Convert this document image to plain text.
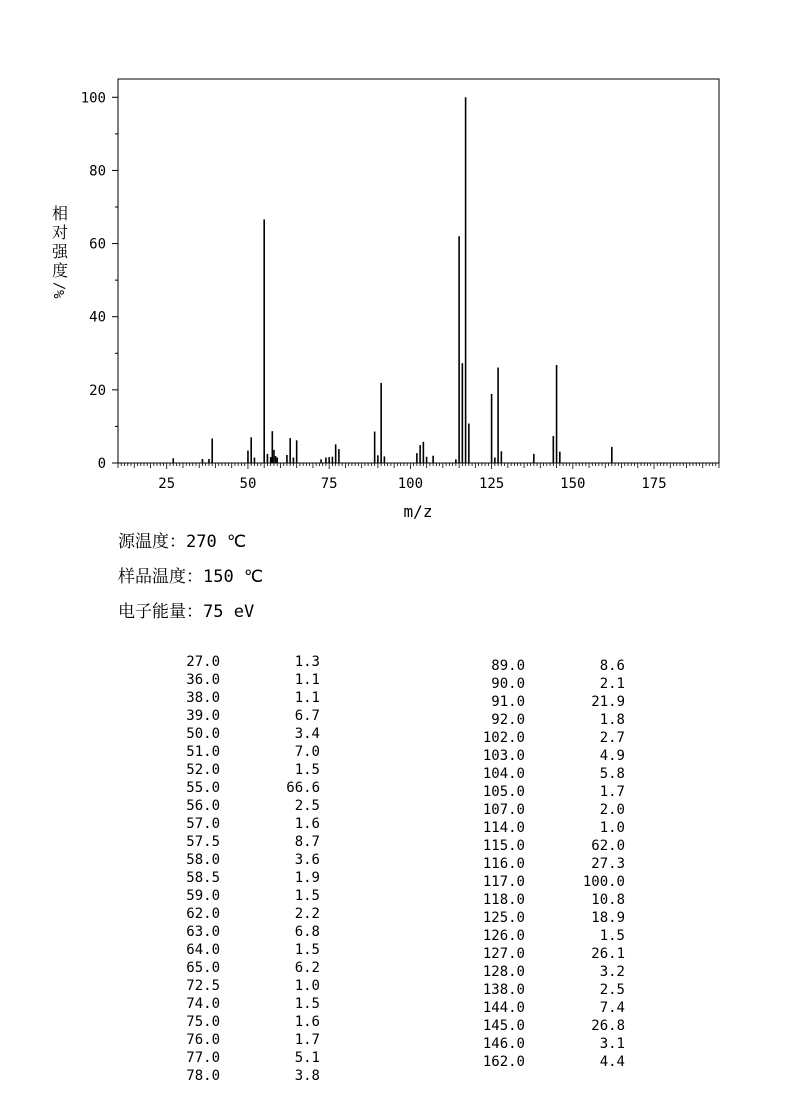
0
20
40
60
80
100
25	50	75	100	125	150	175
m/z
相
对
强
度
%/
源温度：270 ℃
样品温度：150 ℃
电子能量：75 eV
27.0	1.3
36.0	1.1
38.0	1.1
39.0	6.7
50.0	3.4
51.0	7.0
52.0	1.5
55.0	66.6
56.0	2.5
57.0	1.6
57.5	8.7
58.0	3.6
58.5	1.9
59.0	1.5
62.0	2.2
63.0	6.8
64.0	1.5
65.0	6.2
72.5	1.0
74.0	1.5
75.0	1.6
76.0	1.7
77.0	5.1
78.0	3.8
89.0	8.6
90.0	2.1
91.0	21.9
92.0	1.8
102.0	2.7
103.0	4.9
104.0	5.8
105.0	1.7
107.0	2.0
114.0	1.0
115.0	62.0
116.0	27.3
117.0	100.0
118.0	10.8
125.0	18.9
126.0	1.5
127.0	26.1
128.0	3.2
138.0	2.5
144.0	7.4
145.0	26.8
146.0	3.1
162.0	4.4
